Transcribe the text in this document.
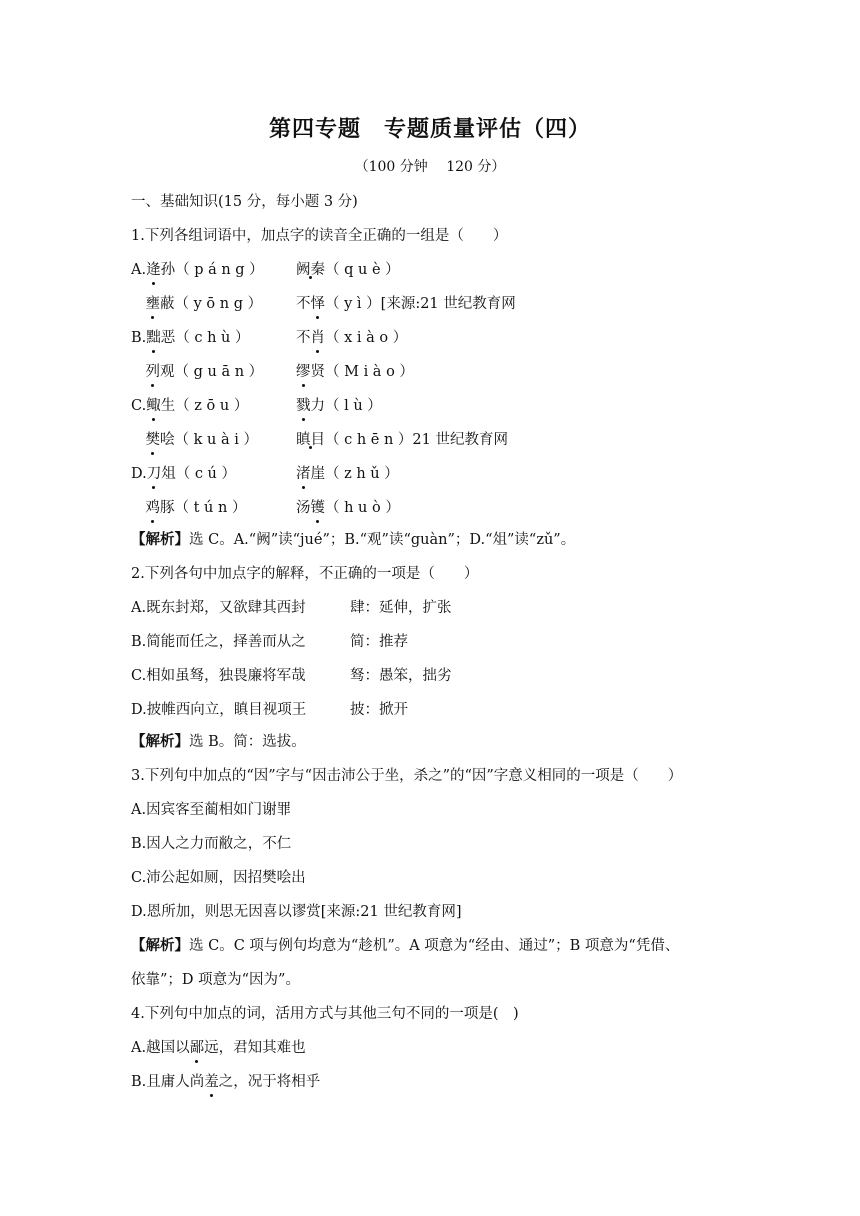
第四专题　专题质量评估（四）
（100 分钟　 120 分）
一、基础知识(15 分，每小题 3 分)
1.下列各组词语中，加点字的读音全正确的一组是（　　）
A.逄孙（ p á n g ） 阙秦（ q u è ）
　壅蔽（ y ō n g ） 不怿（ y ì ）[来源:21 世纪教育网
B.黜恶（ c h ù ）	不肖（ x i à o ）
　列观（ g u ā n ） 缪贤（ M i à o ）
C.鲰生（ z ō u ）	戮力（ l ù ）
　樊哙（ k u à i ）	瞋目（ c h ē n ）21 世纪教育网
D.刀俎（ c ú ）	渚崖（ z h ǔ ）
　鸡豚（ t ú n ）	汤镬（ h u ò ）
【解析】选 C。A.“阙”读“jué”；B.“观”读“guàn”；D.“俎”读“zǔ”。
2.下列各句中加点字的解释，不正确的一项是（　　）
A.既东封郑，又欲肆其西封	肆：延伸，扩张
B.简能而任之，择善而从之	简：推荐
C.相如虽驽，独畏廉将军哉	驽：愚笨，拙劣
D.披帷西向立，瞋目视项王	披：掀开
【解析】选 B。简：选拔。
3.下列句中加点的“因”字与“因击沛公于坐，杀之”的“因”字意义相同的一项是（　　）
A.因宾客至蔺相如门谢罪
B.因人之力而敝之，不仁
C.沛公起如厕，因招樊哙出
D.恩所加，则思无因喜以谬赏[来源:21 世纪教育网]
【解析】选 C。C 项与例句均意为“趁机”。A 项意为“经由、通过”；B 项意为“凭借、
依靠”；D 项意为“因为”。
4.下列句中加点的词，活用方式与其他三句不同的一项是(　)
A.越国以鄙远，君知其难也
B.且庸人尚羞之，况于将相乎
